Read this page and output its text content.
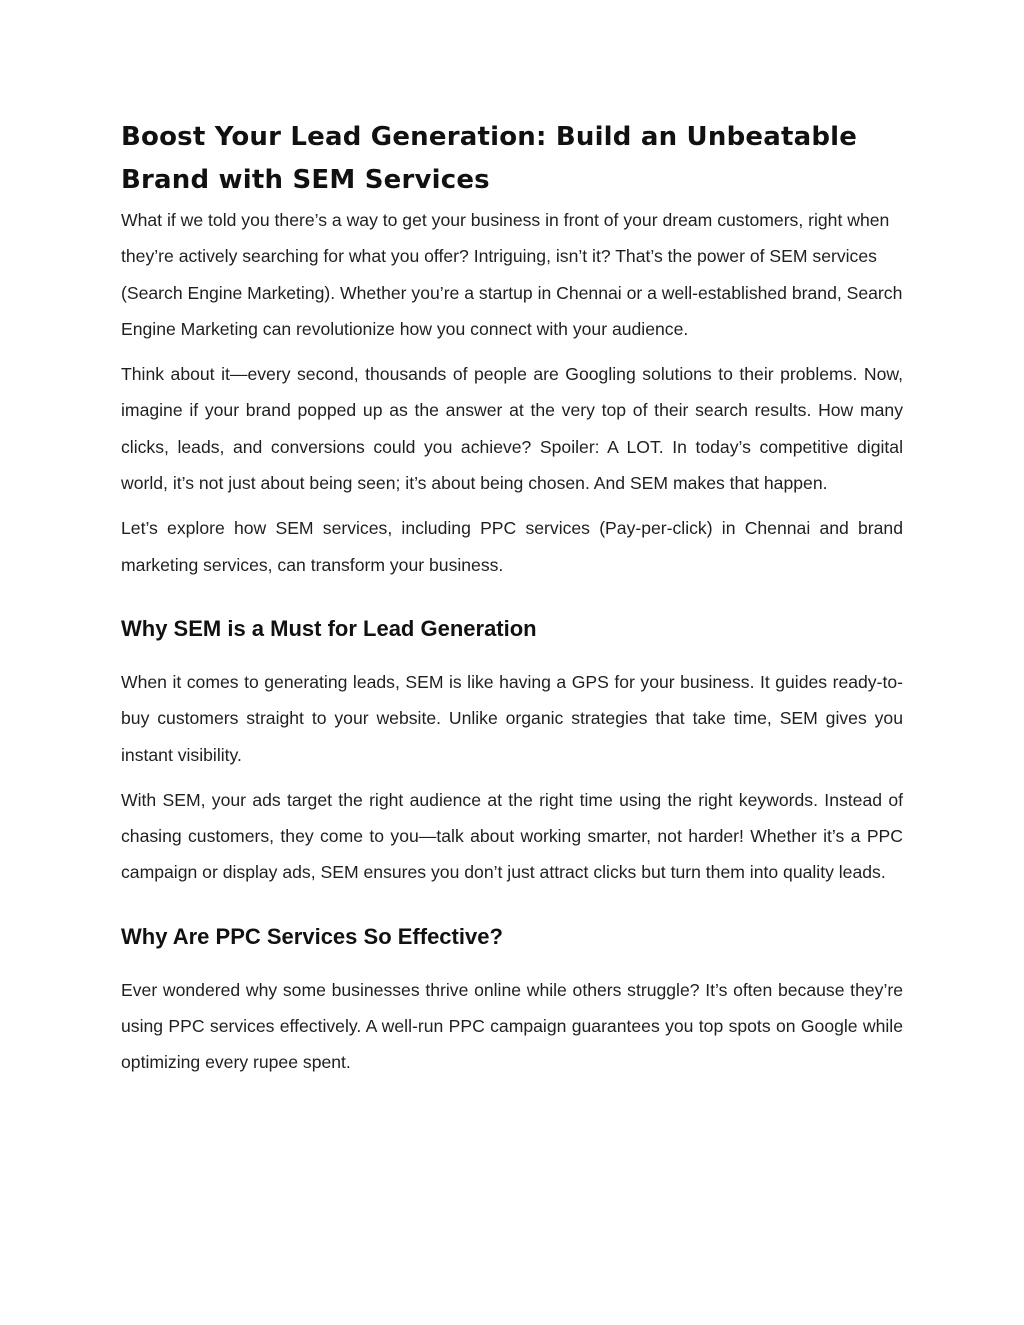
Boost Your Lead Generation: Build an Unbeatable Brand with SEM Services

What if we told you there’s a way to get your business in front of your dream customers, right when they’re actively searching for what you offer? Intriguing, isn’t it? That’s the power of SEM services (Search Engine Marketing). Whether you’re a startup in Chennai or a well-established brand, Search Engine Marketing can revolutionize how you connect with your audience.

Think about it—every second, thousands of people are Googling solutions to their problems. Now, imagine if your brand popped up as the answer at the very top of their search results. How many clicks, leads, and conversions could you achieve? Spoiler: A LOT. In today’s competitive digital world, it’s not just about being seen; it’s about being chosen. And SEM makes that happen.

Let’s explore how SEM services, including PPC services (Pay-per-click) in Chennai and brand marketing services, can transform your business.

Why SEM is a Must for Lead Generation

When it comes to generating leads, SEM is like having a GPS for your business. It guides ready-to-buy customers straight to your website. Unlike organic strategies that take time, SEM gives you instant visibility.

With SEM, your ads target the right audience at the right time using the right keywords. Instead of chasing customers, they come to you—talk about working smarter, not harder! Whether it’s a PPC campaign or display ads, SEM ensures you don’t just attract clicks but turn them into quality leads.

Why Are PPC Services So Effective?

Ever wondered why some businesses thrive online while others struggle? It’s often because they’re using PPC services effectively. A well-run PPC campaign guarantees you top spots on Google while optimizing every rupee spent.
